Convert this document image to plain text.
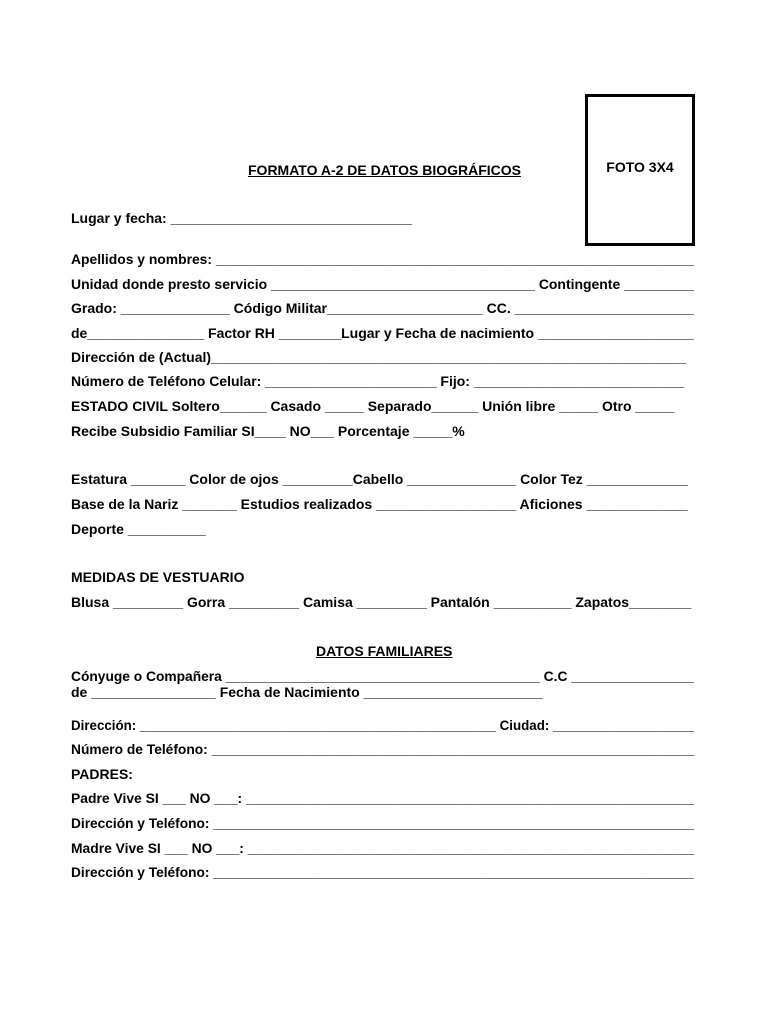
FOTO 3X4
FORMATO A-2 DE DATOS BIOGRÁFICOS
Lugar y fecha: _______________________________
Apellidos y nombres: ______________________________________________________________
Unidad donde presto servicio __________________________________ Contingente _________
Grado: ______________ Código Militar____________________ CC. _______________________
de_______________ Factor RH ________Lugar y Fecha de nacimiento ____________________
Dirección de (Actual)_____________________________________________________________
Número de Teléfono Celular: ______________________ Fijo: ___________________________
ESTADO CIVIL Soltero______ Casado _____ Separado______ Unión libre _____ Otro _____
Recibe Subsidio Familiar SI____ NO___ Porcentaje _____%
Estatura _______ Color de ojos _________Cabello ______________ Color Tez _____________
Base de la Nariz _______ Estudios realizados __________________ Aficiones _____________
Deporte __________
MEDIDAS DE VESTUARIO
Blusa _________ Gorra _________ Camisa _________ Pantalón __________ Zapatos________
DATOS FAMILIARES
Cónyuge o Compañera _________________________________________ C.C ________________
de ________________ Fecha de Nacimiento _______________________
Dirección: ________________________________________________ Ciudad: ___________________
Número de Teléfono: _______________________________________________________________
PADRES:
Padre Vive SI ___ NO ___: __________________________________________________________
Dirección y Teléfono: _______________________________________________________________
Madre Vive SI ___ NO ___: __________________________________________________________
Dirección y Teléfono: _______________________________________________________________
